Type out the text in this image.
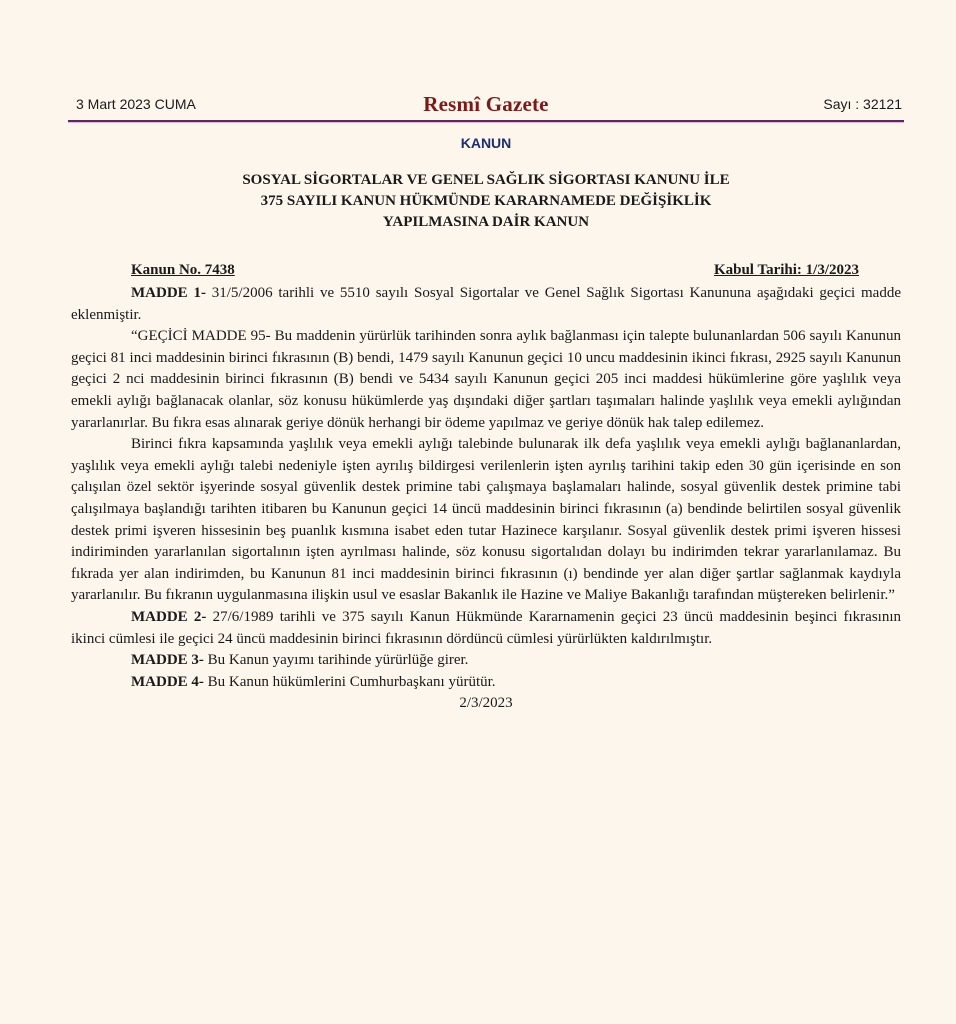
3 Mart 2023 CUMA	Resmî Gazete	Sayı : 32121
KANUN
SOSYAL SİGORTALAR VE GENEL SAĞLIK SİGORTASI KANUNU İLE
375 SAYILI KANUN HÜKMÜNDE KARARNAMEDE DEĞİŞİKLİK
YAPILMASINA DAİR KANUN
Kanun No. 7438	Kabul Tarihi: 1/3/2023

MADDE 1- 31/5/2006 tarihli ve 5510 sayılı Sosyal Sigortalar ve Genel Sağlık Sigortası Kanununa aşağıdaki geçici madde eklenmiştir.

“GEÇİCİ MADDE 95- Bu maddenin yürürlük tarihinden sonra aylık bağlanması için talepte bulunanlardan 506 sayılı Kanunun geçici 81 inci maddesinin birinci fıkrasının (B) bendi, 1479 sayılı Kanunun geçici 10 uncu maddesinin ikinci fıkrası, 2925 sayılı Kanunun geçici 2 nci maddesinin birinci fıkrasının (B) bendi ve 5434 sayılı Kanunun geçici 205 inci maddesi hükümlerine göre yaşlılık veya emekli aylığı bağlanacak olanlar, söz konusu hükümlerde yaş dışındaki diğer şartları taşımaları halinde yaşlılık veya emekli aylığından yararlanırlar. Bu fıkra esas alınarak geriye dönük herhangi bir ödeme yapılmaz ve geriye dönük hak talep edilemez.

Birinci fıkra kapsamında yaşlılık veya emekli aylığı talebinde bulunarak ilk defa yaşlılık veya emekli aylığı bağlananlardan, yaşlılık veya emekli aylığı talebi nedeniyle işten ayrılış bildirgesi verilenlerin işten ayrılış tarihini takip eden 30 gün içerisinde en son çalışılan özel sektör işyerinde sosyal güvenlik destek primine tabi çalışmaya başlamaları halinde, sosyal güvenlik destek primine tabi çalışılmaya başlandığı tarihten itibaren bu Kanunun geçici 14 üncü maddesinin birinci fıkrasının (a) bendinde belirtilen sosyal güvenlik destek primi işveren hissesinin beş puanlık kısmına isabet eden tutar Hazinece karşılanır. Sosyal güvenlik destek primi işveren hissesi indiriminden yararlanılan sigortalının işten ayrılması halinde, söz konusu sigortalıdan dolayı bu indirimden tekrar yararlanılamaz. Bu fıkrada yer alan indirimden, bu Kanunun 81 inci maddesinin birinci fıkrasının (ı) bendinde yer alan diğer şartlar sağlanmak kaydıyla yararlanılır. Bu fıkranın uygulanmasına ilişkin usul ve esaslar Bakanlık ile Hazine ve Maliye Bakanlığı tarafından müştereken belirlenir.”

MADDE 2- 27/6/1989 tarihli ve 375 sayılı Kanun Hükmünde Kararnamenin geçici 23 üncü maddesinin beşinci fıkrasının ikinci cümlesi ile geçici 24 üncü maddesinin birinci fıkrasının dördüncü cümlesi yürürlükten kaldırılmıştır.

MADDE 3- Bu Kanun yayımı tarihinde yürürlüğe girer.

MADDE 4- Bu Kanun hükümlerini Cumhurbaşkanı yürütür.

2/3/2023
